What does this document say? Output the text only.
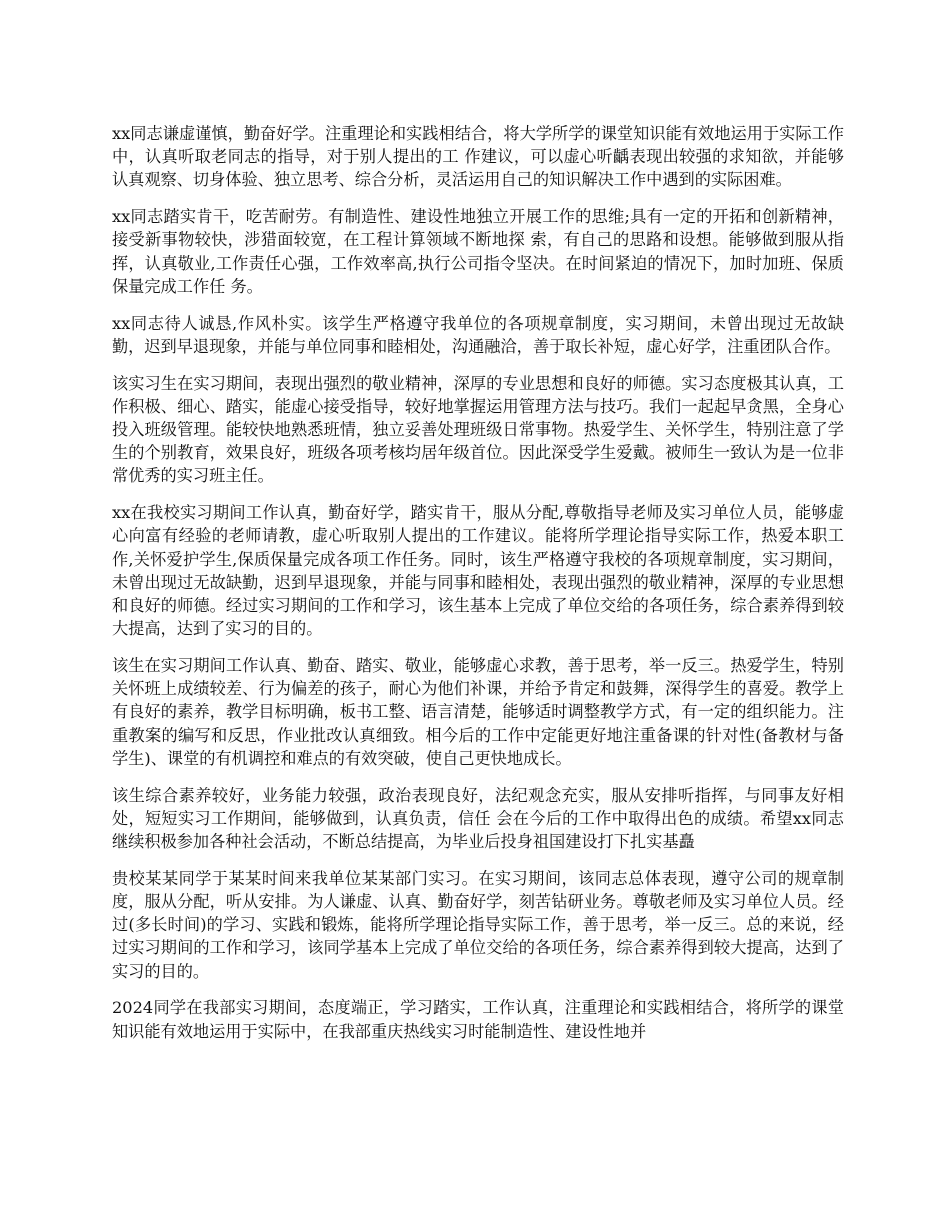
xx同志谦虚谨慎，勤奋好学。注重理论和实践相结合，将大学所学的课堂知识能有效地运用于实际工作中，认真听取老同志的指导，对于别人提出的工 作建议，可以虚心听齲表现出较强的求知欲，并能够认真观察、切身体验、独立思考、综合分析，灵活运用自己的知识解决工作中遇到的实际困难。

xx同志踏实肯干，吃苦耐劳。有制造性、建设性地独立开展工作的思维;具有一定的开拓和创新精神，接受新事物较快，涉猎面较宽，在工程计算领域不断地探 索，有自己的思路和设想。能够做到服从指挥，认真敬业,工作责任心强，工作效率高,执行公司指令坚决。在时间紧迫的情况下，加时加班、保质保量完成工作任 务。

xx同志待人诚恳,作风朴实。该学生严格遵守我单位的各项规章制度，实习期间，未曾出现过无故缺勤，迟到早退现象，并能与单位同事和睦相处，沟通融洽，善于取长补短，虚心好学，注重团队合作。

该实习生在实习期间，表现出强烈的敬业精神，深厚的专业思想和良好的师德。实习态度极其认真，工作积极、细心、踏实，能虚心接受指导，较好地掌握运用管理方法与技巧。我们一起起早贪黑，全身心投入班级管理。能较快地熟悉班情，独立妥善处理班级日常事物。热爱学生、关怀学生，特别注意了学生的个别教育，效果良好，班级各项考核均居年级首位。因此深受学生爱戴。被师生一致认为是一位非常优秀的实习班主任。

xx在我校实习期间工作认真，勤奋好学，踏实肯干，服从分配,尊敬指导老师及实习单位人员，能够虚心向富有经验的老师请教，虚心听取别人提出的工作建议。能将所学理论指导实际工作，热爱本职工作,关怀爱护学生,保质保量完成各项工作任务。同时，该生严格遵守我校的各项规章制度，实习期间，未曾出现过无故缺勤，迟到早退现象，并能与同事和睦相处，表现出强烈的敬业精神，深厚的专业思想和良好的师德。经过实习期间的工作和学习，该生基本上完成了单位交给的各项任务，综合素养得到较大提高，达到了实习的目的。

该生在实习期间工作认真、勤奋、踏实、敬业，能够虚心求教，善于思考，举一反三。热爱学生，特别关怀班上成绩较差、行为偏差的孩子，耐心为他们补课，并给予肯定和鼓舞，深得学生的喜爱。教学上有良好的素养，教学目标明确，板书工整、语言清楚，能够适时调整教学方式，有一定的组织能力。注重教案的编写和反思，作业批改认真细致。相今后的工作中定能更好地注重备课的针对性(备教材与备学生)、课堂的有机调控和难点的有效突破，使自己更快地成长。

该生综合素养较好，业务能力较强，政治表现良好，法纪观念充实，服从安排听指挥，与同事友好相处，短短实习工作期间，能够做到，认真负责，信任 会在今后的工作中取得出色的成绩。希望xx同志继续积极参加各种社会活动，不断总结提高，为毕业后投身祖国建设打下扎实基矗

贵校某某同学于某某时间来我单位某某部门实习。在实习期间，该同志总体表现，遵守公司的规章制度，服从分配，听从安排。为人谦虚、认真、勤奋好学，刻苦钻研业务。尊敬老师及实习单位人员。经过(多长时间)的学习、实践和锻炼，能将所学理论指导实际工作，善于思考，举一反三。总的来说，经过实习期间的工作和学习，该同学基本上完成了单位交给的各项任务，综合素养得到较大提高，达到了实习的目的。

2024同学在我部实习期间，态度端正，学习踏实，工作认真，注重理论和实践相结合，将所学的课堂知识能有效地运用于实际中，在我部重庆热线实习时能制造性、建设性地并
